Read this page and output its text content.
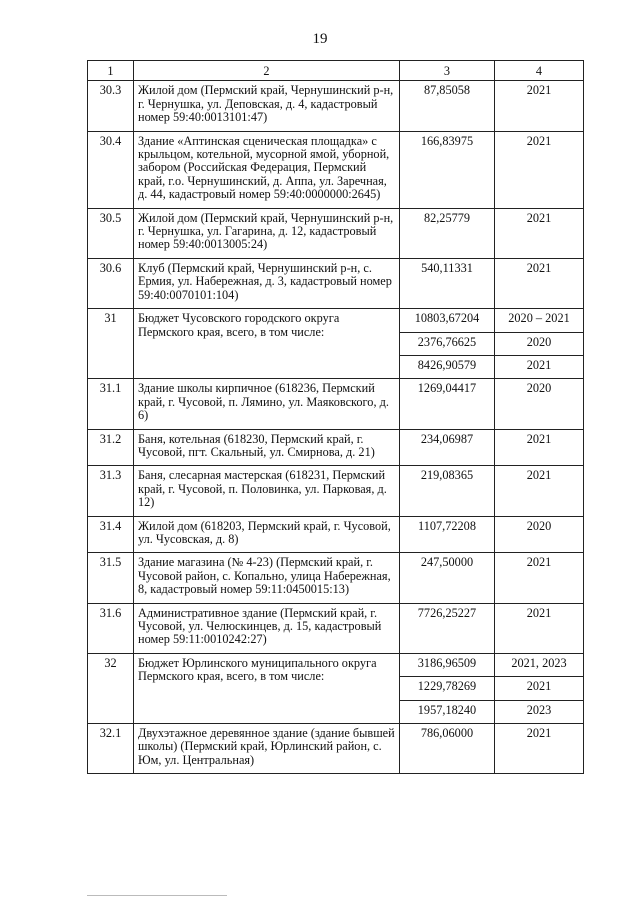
19
1	2	3	4
30.3	Жилой дом (Пермский край, Чернушинский р-н, г. Чернушка, ул. Деповская, д. 4, кадастровый номер 59:40:0013101:47)	87,85058	2021
30.4	Здание «Аптинская сценическая площадка» с крыльцом, котельной, мусорной ямой, уборной, забором (Российская Федерация, Пермский край, г.о. Чернушинский, д. Аппа, ул. Заречная, д. 44, кадастровый номер 59:40:0000000:2645)	166,83975	2021
30.5	Жилой дом (Пермский край, Чернушинский р-н, г. Чернушка, ул. Гагарина, д. 12, кадастровый номер 59:40:0013005:24)	82,25779	2021
30.6	Клуб (Пермский край, Чернушинский р-н, с. Ермия, ул. Набережная, д. 3, кадастровый номер 59:40:0070101:104)	540,11331	2021
31	Бюджет Чусовского городского округа Пермского края, всего, в том числе:	10803,67204	2020 – 2021
		2376,76625	2020
		8426,90579	2021
31.1	Здание школы кирпичное (618236, Пермский край, г. Чусовой, п. Лямино, ул. Маяковского, д. 6)	1269,04417	2020
31.2	Баня, котельная (618230, Пермский край, г. Чусовой, пгт. Скальный, ул. Смирнова, д. 21)	234,06987	2021
31.3	Баня, слесарная мастерская (618231, Пермский край, г. Чусовой, п. Половинка, ул. Парковая, д. 12)	219,08365	2021
31.4	Жилой дом (618203, Пермский край, г. Чусовой, ул. Чусовская, д. 8)	1107,72208	2020
31.5	Здание магазина (№ 4-23) (Пермский край, г. Чусовой район, с. Копально, улица Набережная, 8, кадастровый номер 59:11:0450015:13)	247,50000	2021
31.6	Административное здание (Пермский край, г. Чусовой, ул. Челюскинцев, д. 15, кадастровый номер 59:11:0010242:27)	7726,25227	2021
32	Бюджет Юрлинского муниципального округа Пермского края, всего, в том числе:	3186,96509	2021, 2023
		1229,78269	2021
		1957,18240	2023
32.1	Двухэтажное деревянное здание (здание бывшей школы) (Пермский край, Юрлинский район, с. Юм, ул. Центральная)	786,06000	2021
